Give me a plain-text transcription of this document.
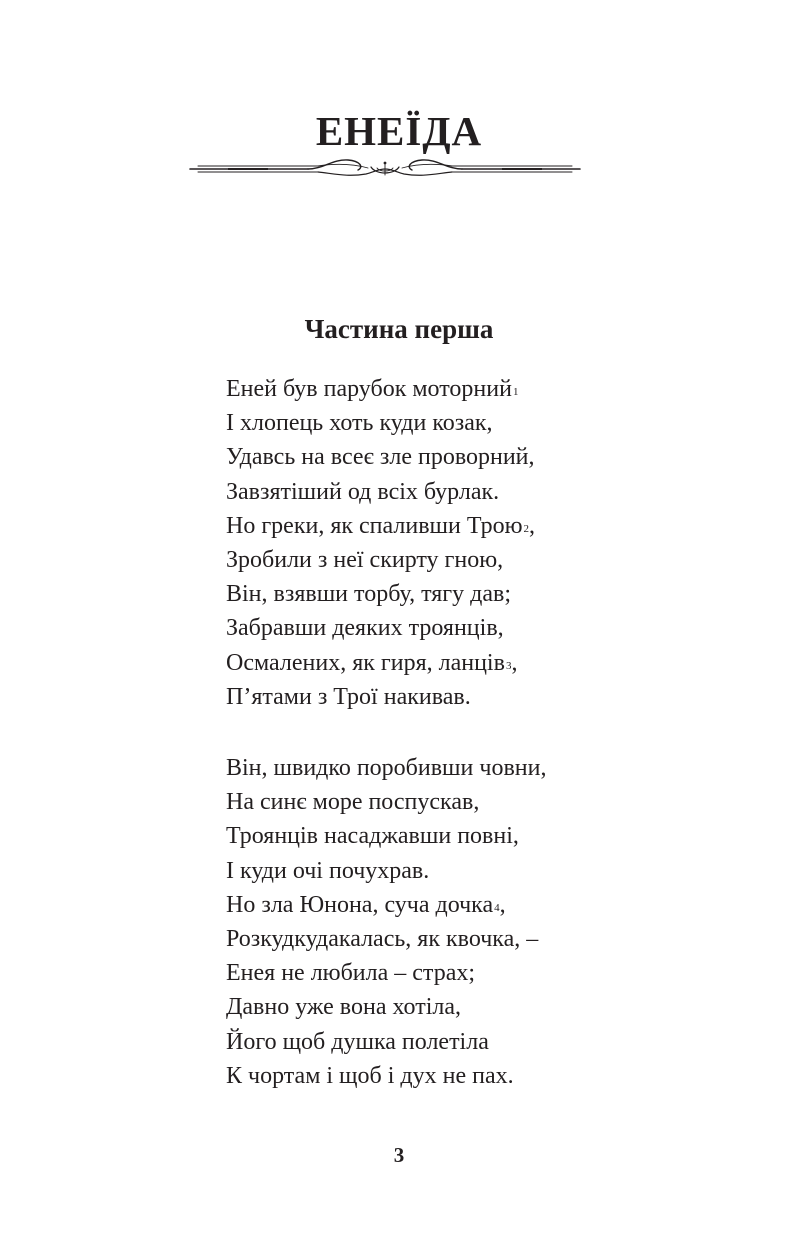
ЕНЕЇДА
Частина перша
Еней був парубок моторний$^1$
І хлопець хоть куди козак,
Удавсь на всеє зле проворний,
Завзятіший од всіх бурлак.
Но греки, як спаливши Трою$^2$,
Зробили з неї скирту гною,
Він, взявши торбу, тягу дав;
Забравши деяких троянців,
Осмалених, як гиря, ланців$^3$,
П’ятами з Трої накивав.
Він, швидко поробивши човни,
На синє море поспускав,
Троянців насаджавши повні,
І куди очі почухрав.
Но зла Юнона, суча дочка$^4$,
Розкудкудакалась, як квочка, –
Енея не любила – страх;
Давно уже вона хотіла,
Його щоб душка полетіла
К чортам і щоб і дух не пах.
3
